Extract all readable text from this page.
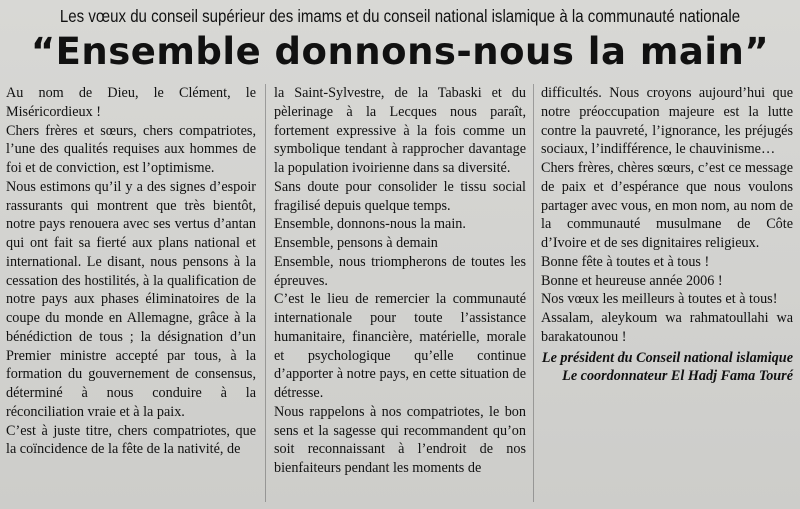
Les vœux du conseil supérieur des imams et du conseil national islamique à la communauté nationale
“Ensemble donnons-nous la main”

Au nom de Dieu, le Clément, le Miséricordieux !

Chers frères et sœurs, chers compatriotes, l’une des qualités requises aux hommes de foi et de conviction, est l’optimisme.

Nous estimons qu’il y a des signes d’espoir rassurants qui montrent que très bientôt, notre pays renouera avec ses vertus d’antan qui ont fait sa fierté aux plans national et international. Le disant, nous pensons à la cessation des hostilités, à la qualification de notre pays aux phases éliminatoires de la coupe du monde en Allemagne, grâce à la bénédiction de tous ; la désignation d’un Premier ministre accepté par tous, à la formation du gouvernement de consensus, déterminé à nous conduire à la réconciliation vraie et à la paix.

C’est à juste titre, chers compatriotes, que la coïncidence de la fête de la nativité, de

la Saint-Sylvestre, de la Tabaski et du pèlerinage à la Lecques nous paraît, fortement expressive à la fois comme un symbolique tendant à rapprocher davantage la population ivoirienne dans sa diversité.

Sans doute pour consolider le tissu social fragilisé depuis quelque temps.

Ensemble, donnons-nous la main.

Ensemble, pensons à demain

Ensemble, nous triompherons de toutes les épreuves.

C’est le lieu de remercier la communauté internationale pour toute l’assistance humanitaire, financière, matérielle, morale et psychologique qu’elle continue d’apporter à notre pays, en cette situation de détresse.

Nous rappelons à nos compatriotes, le bon sens et la sagesse qui recommandent qu’on soit reconnaissant à l’endroit de nos bienfaiteurs pendant les moments de

difficultés. Nous croyons aujourd’hui que notre préoccupation majeure est la lutte contre la pauvreté, l’ignorance, les préjugés sociaux, l’indifférence, le chauvinisme…

Chers frères, chères sœurs, c’est ce message de paix et d’espérance que nous voulons partager avec vous, en mon nom, au nom de la communauté musulmane de Côte d’Ivoire et de ses dignitaires religieux.

Bonne fête à toutes et à tous !

Bonne et heureuse année 2006 !

Nos vœux les meilleurs à toutes et à tous!

Assalam, aleykoum wa rahmatoullahi wa barakatounou !

Le président du Conseil national islamique

Le coordonnateur El Hadj Fama Touré
